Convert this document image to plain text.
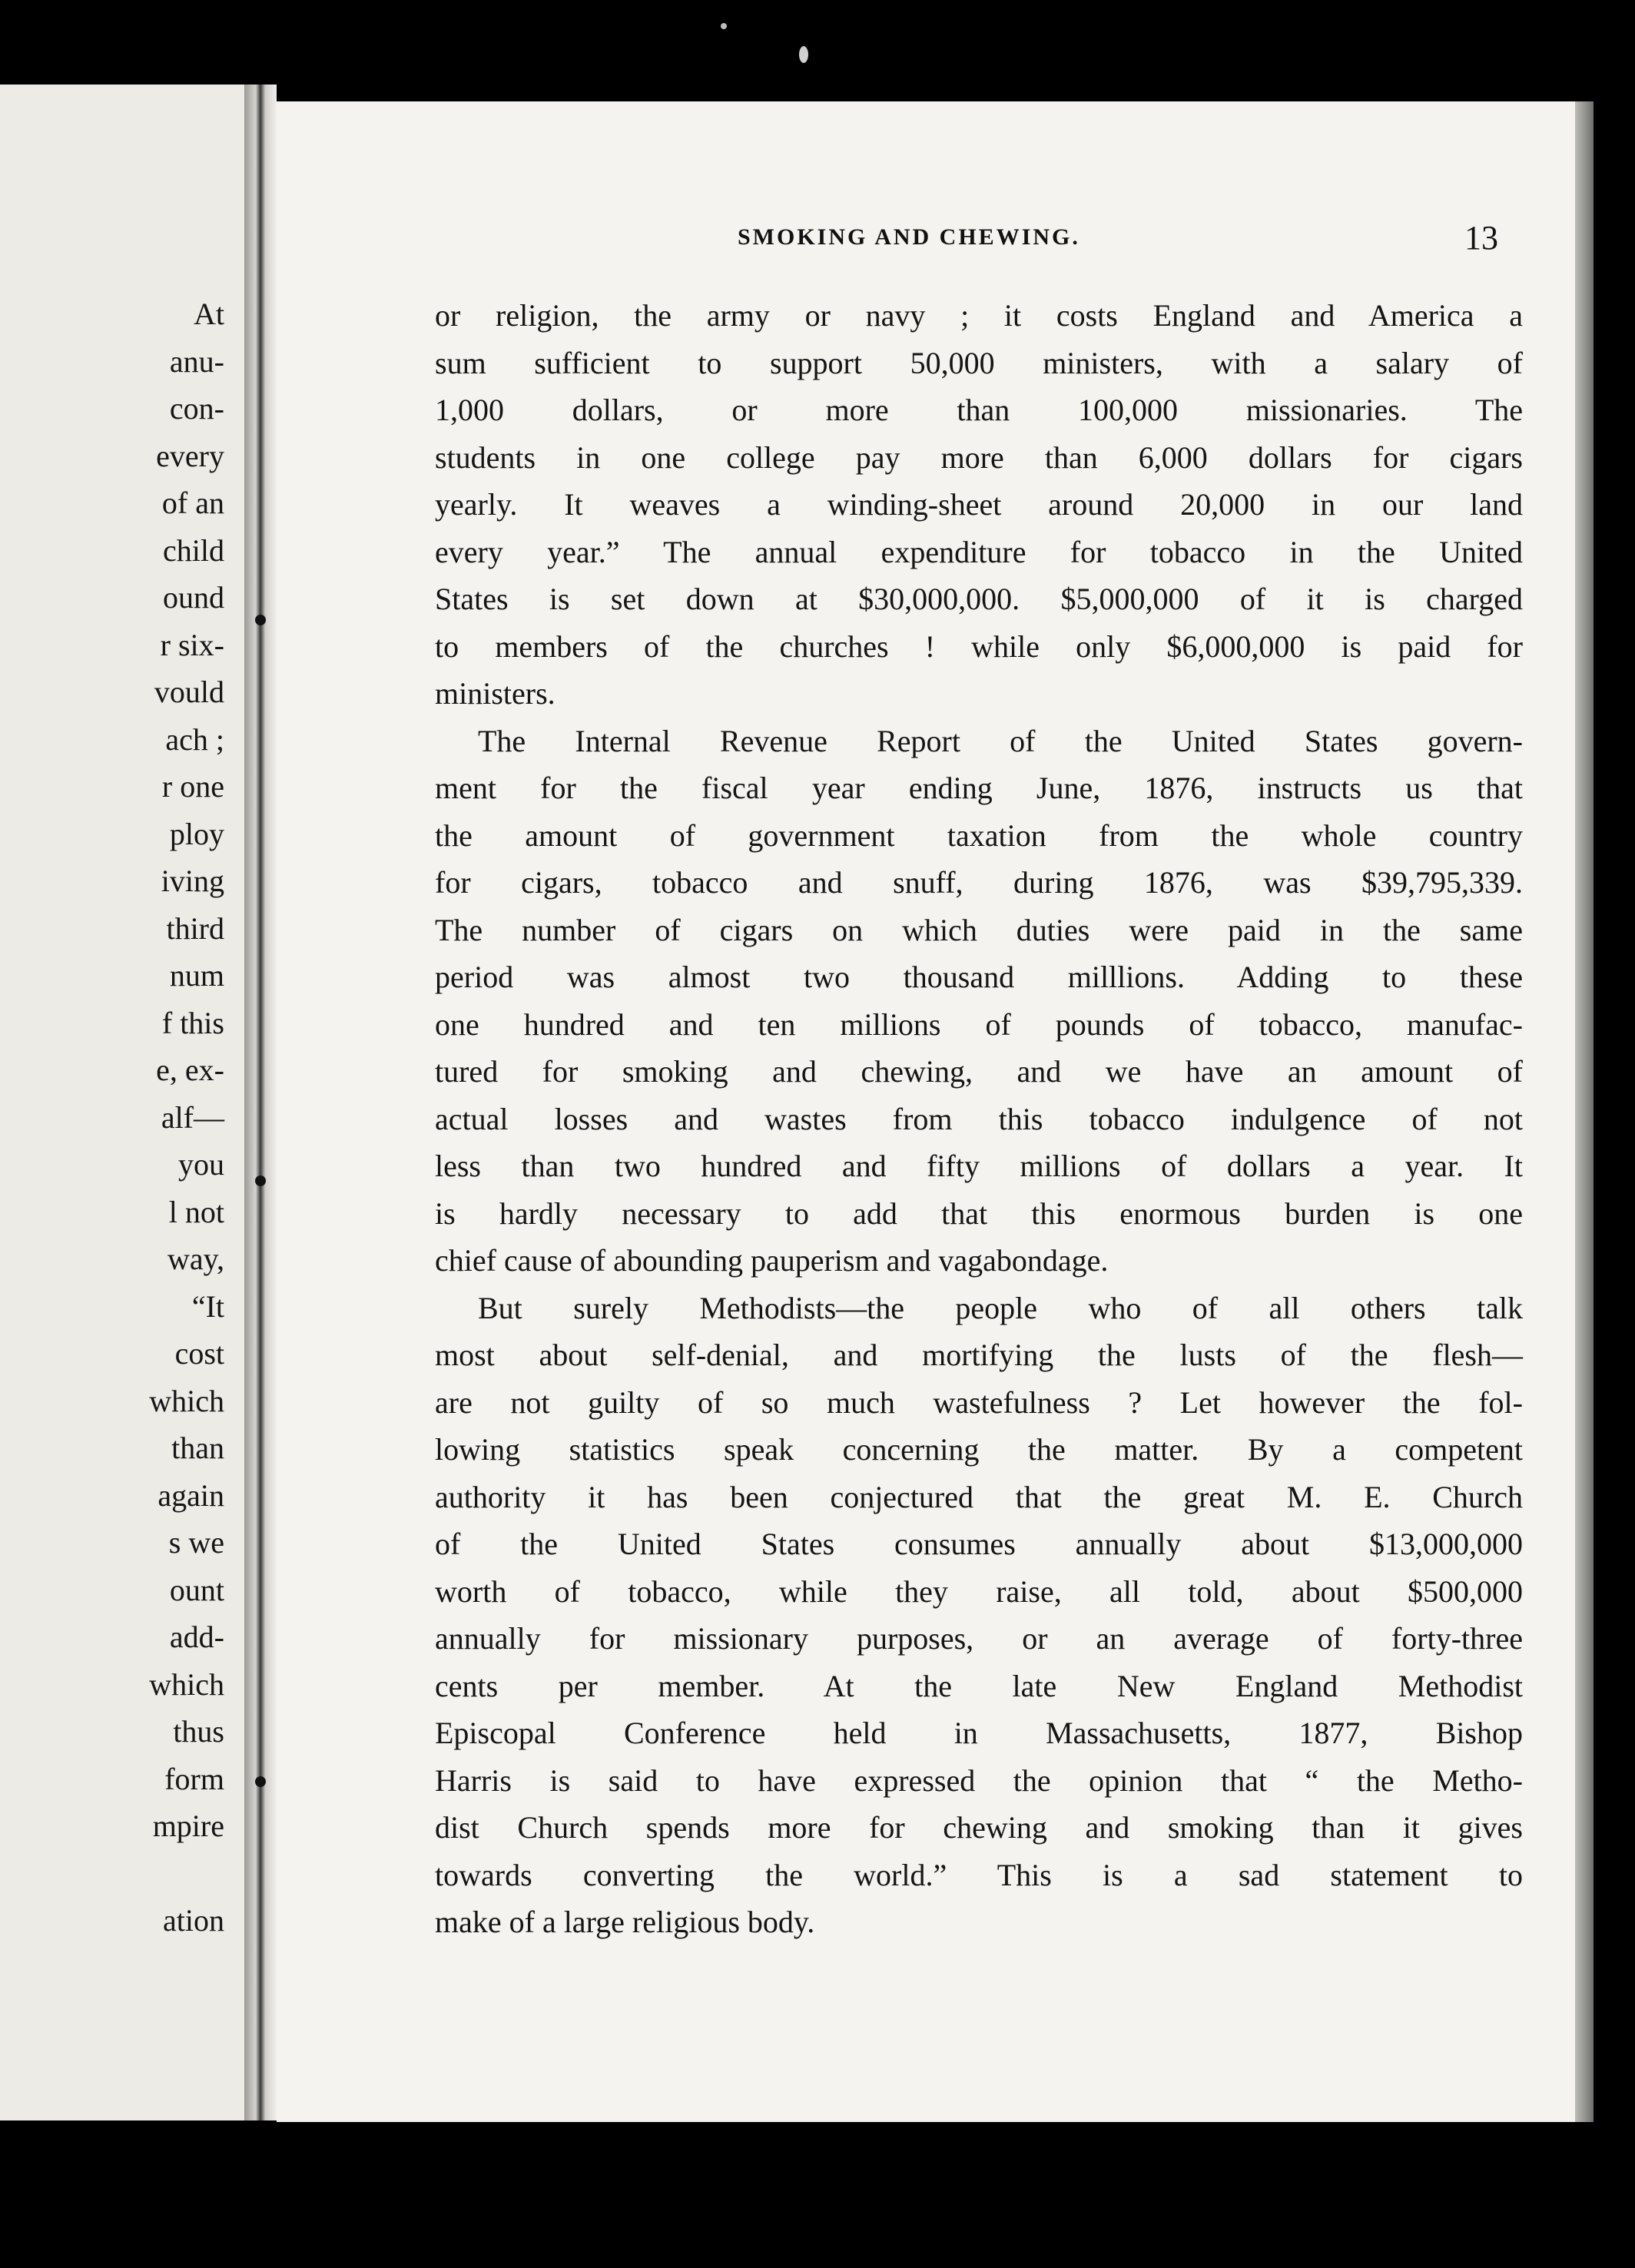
At
anu-
con-
every
of an
child
ound
r six-
vould
ach ;
r one
ploy
iving
third
num
f this
e, ex-
alf—
you
l not
way,
“It
cost
which
than
again
s we
ount
add-
which
thus
form
mpire
ation
SMOKING AND CHEWING.	13
or religion, the army or navy ; it costs England and America a
sum sufficient to support 50,000 ministers, with a salary of
1,000 dollars, or more than 100,000 missionaries. The
students in one college pay more than 6,000 dollars for cigars
yearly. It weaves a winding-sheet around 20,000 in our land
every year.” The annual expenditure for tobacco in the United
States is set down at $30,000,000. $5,000,000 of it is charged
to members of the churches ! while only $6,000,000 is paid for
ministers.
The Internal Revenue Report of the United States govern-
ment for the fiscal year ending June, 1876, instructs us that
the amount of government taxation from the whole country
for cigars, tobacco and snuff, during 1876, was $39,795,339.
The number of cigars on which duties were paid in the same
period was almost two thousand milllions. Adding to these
one hundred and ten millions of pounds of tobacco, manufac-
tured for smoking and chewing, and we have an amount of
actual losses and wastes from this tobacco indulgence of not
less than two hundred and fifty millions of dollars a year. It
is hardly necessary to add that this enormous burden is one
chief cause of abounding pauperism and vagabondage.
But surely Methodists—the people who of all others talk
most about self-denial, and mortifying the lusts of the flesh—
are not guilty of so much wastefulness ? Let however the fol-
lowing statistics speak concerning the matter. By a competent
authority it has been conjectured that the great M. E. Church
of the United States consumes annually about $13,000,000
worth of tobacco, while they raise, all told, about $500,000
annually for missionary purposes, or an average of forty-three
cents per member. At the late New England Methodist
Episcopal Conference held in Massachusetts, 1877, Bishop
Harris is said to have expressed the opinion that “ the Metho-
dist Church spends more for chewing and smoking than it gives
towards converting the world.” This is a sad statement to
make of a large religious body.
